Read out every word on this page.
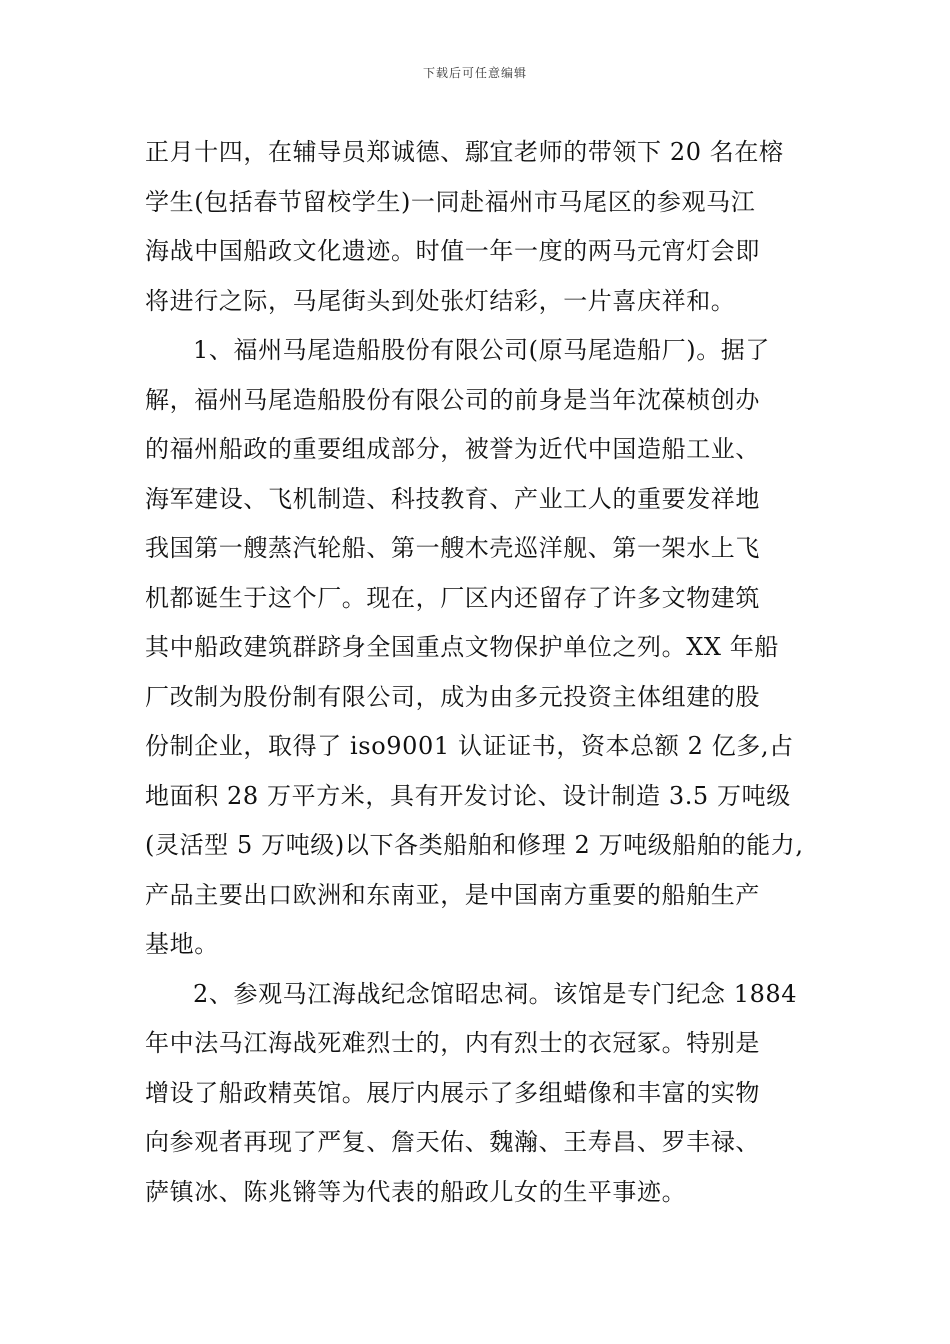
下载后可任意编辑

正月十四，在辅导员郑诚德、鄢宜老师的带领下 20 名在榕
学生(包括春节留校学生)一同赴福州市马尾区的参观马江
海战中国船政文化遗迹。时值一年一度的两马元宵灯会即
将进行之际，马尾街头到处张灯结彩，一片喜庆祥和。

1、福州马尾造船股份有限公司(原马尾造船厂)。据了
解，福州马尾造船股份有限公司的前身是当年沈葆桢创办
的福州船政的重要组成部分，被誉为近代中国造船工业、
海军建设、飞机制造、科技教育、产业工人的重要发祥地
我国第一艘蒸汽轮船、第一艘木壳巡洋舰、第一架水上飞
机都诞生于这个厂。现在，厂区内还留存了许多文物建筑
其中船政建筑群跻身全国重点文物保护单位之列。XX 年船
厂改制为股份制有限公司，成为由多元投资主体组建的股
份制企业，取得了 iso9001 认证证书，资本总额 2 亿多,占
地面积 28 万平方米，具有开发讨论、设计制造 3.5 万吨级
(灵活型 5 万吨级)以下各类船舶和修理 2 万吨级船舶的能力,
产品主要出口欧洲和东南亚，是中国南方重要的船舶生产
基地。

2、参观马江海战纪念馆昭忠祠。该馆是专门纪念 1884
年中法马江海战死难烈士的，内有烈士的衣冠冢。特别是
增设了船政精英馆。展厅内展示了多组蜡像和丰富的实物
向参观者再现了严复、詹天佑、魏瀚、王寿昌、罗丰禄、
萨镇冰、陈兆锵等为代表的船政儿女的生平事迹。
